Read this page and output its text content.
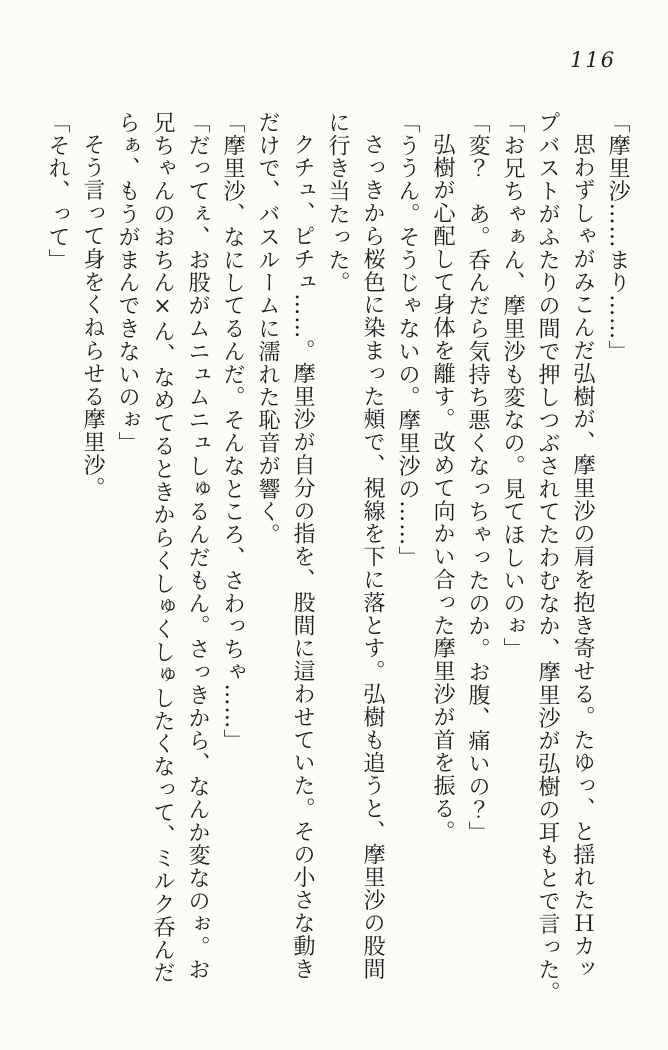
116
「摩里沙……まり……」
思わずしゃがみこんだ弘樹が、摩里沙の肩を抱き寄せる。たゆっ、と揺れたＨカッ
プバストがふたりの間で押しつぶされてたわむなか、摩里沙が弘樹の耳もとで言った。
「お兄ちゃぁん、摩里沙も変なの。見てほしいのぉ」
「変？　あ。呑んだら気持ち悪くなっちゃったのか。お腹、痛いの？」
弘樹が心配して身体を離す。改めて向かい合った摩里沙が首を振る。
「ううん。そうじゃないの。摩里沙の……」
さっきから桜色に染まった頰で、視線を下に落とす。弘樹も追うと、摩里沙の股間
に行き当たった。
クチュ、ピチュ……。摩里沙が自分の指を、股間に這わせていた。その小さな動き
だけで、バスルームに濡れた恥音が響く。
「摩里沙、なにしてるんだ。そんなところ、さわっちゃ……」
「だってぇ、お股がムニュムニュしゅるんだもん。さっきから、なんか変なのぉ。お
兄ちゃんのおちん×ん、なめてるときからくしゅくしゅしたくなって、ミルク呑んだ
らぁ、もうがまんできないのぉ」
そう言って身をくねらせる摩里沙。
「それ、って」
